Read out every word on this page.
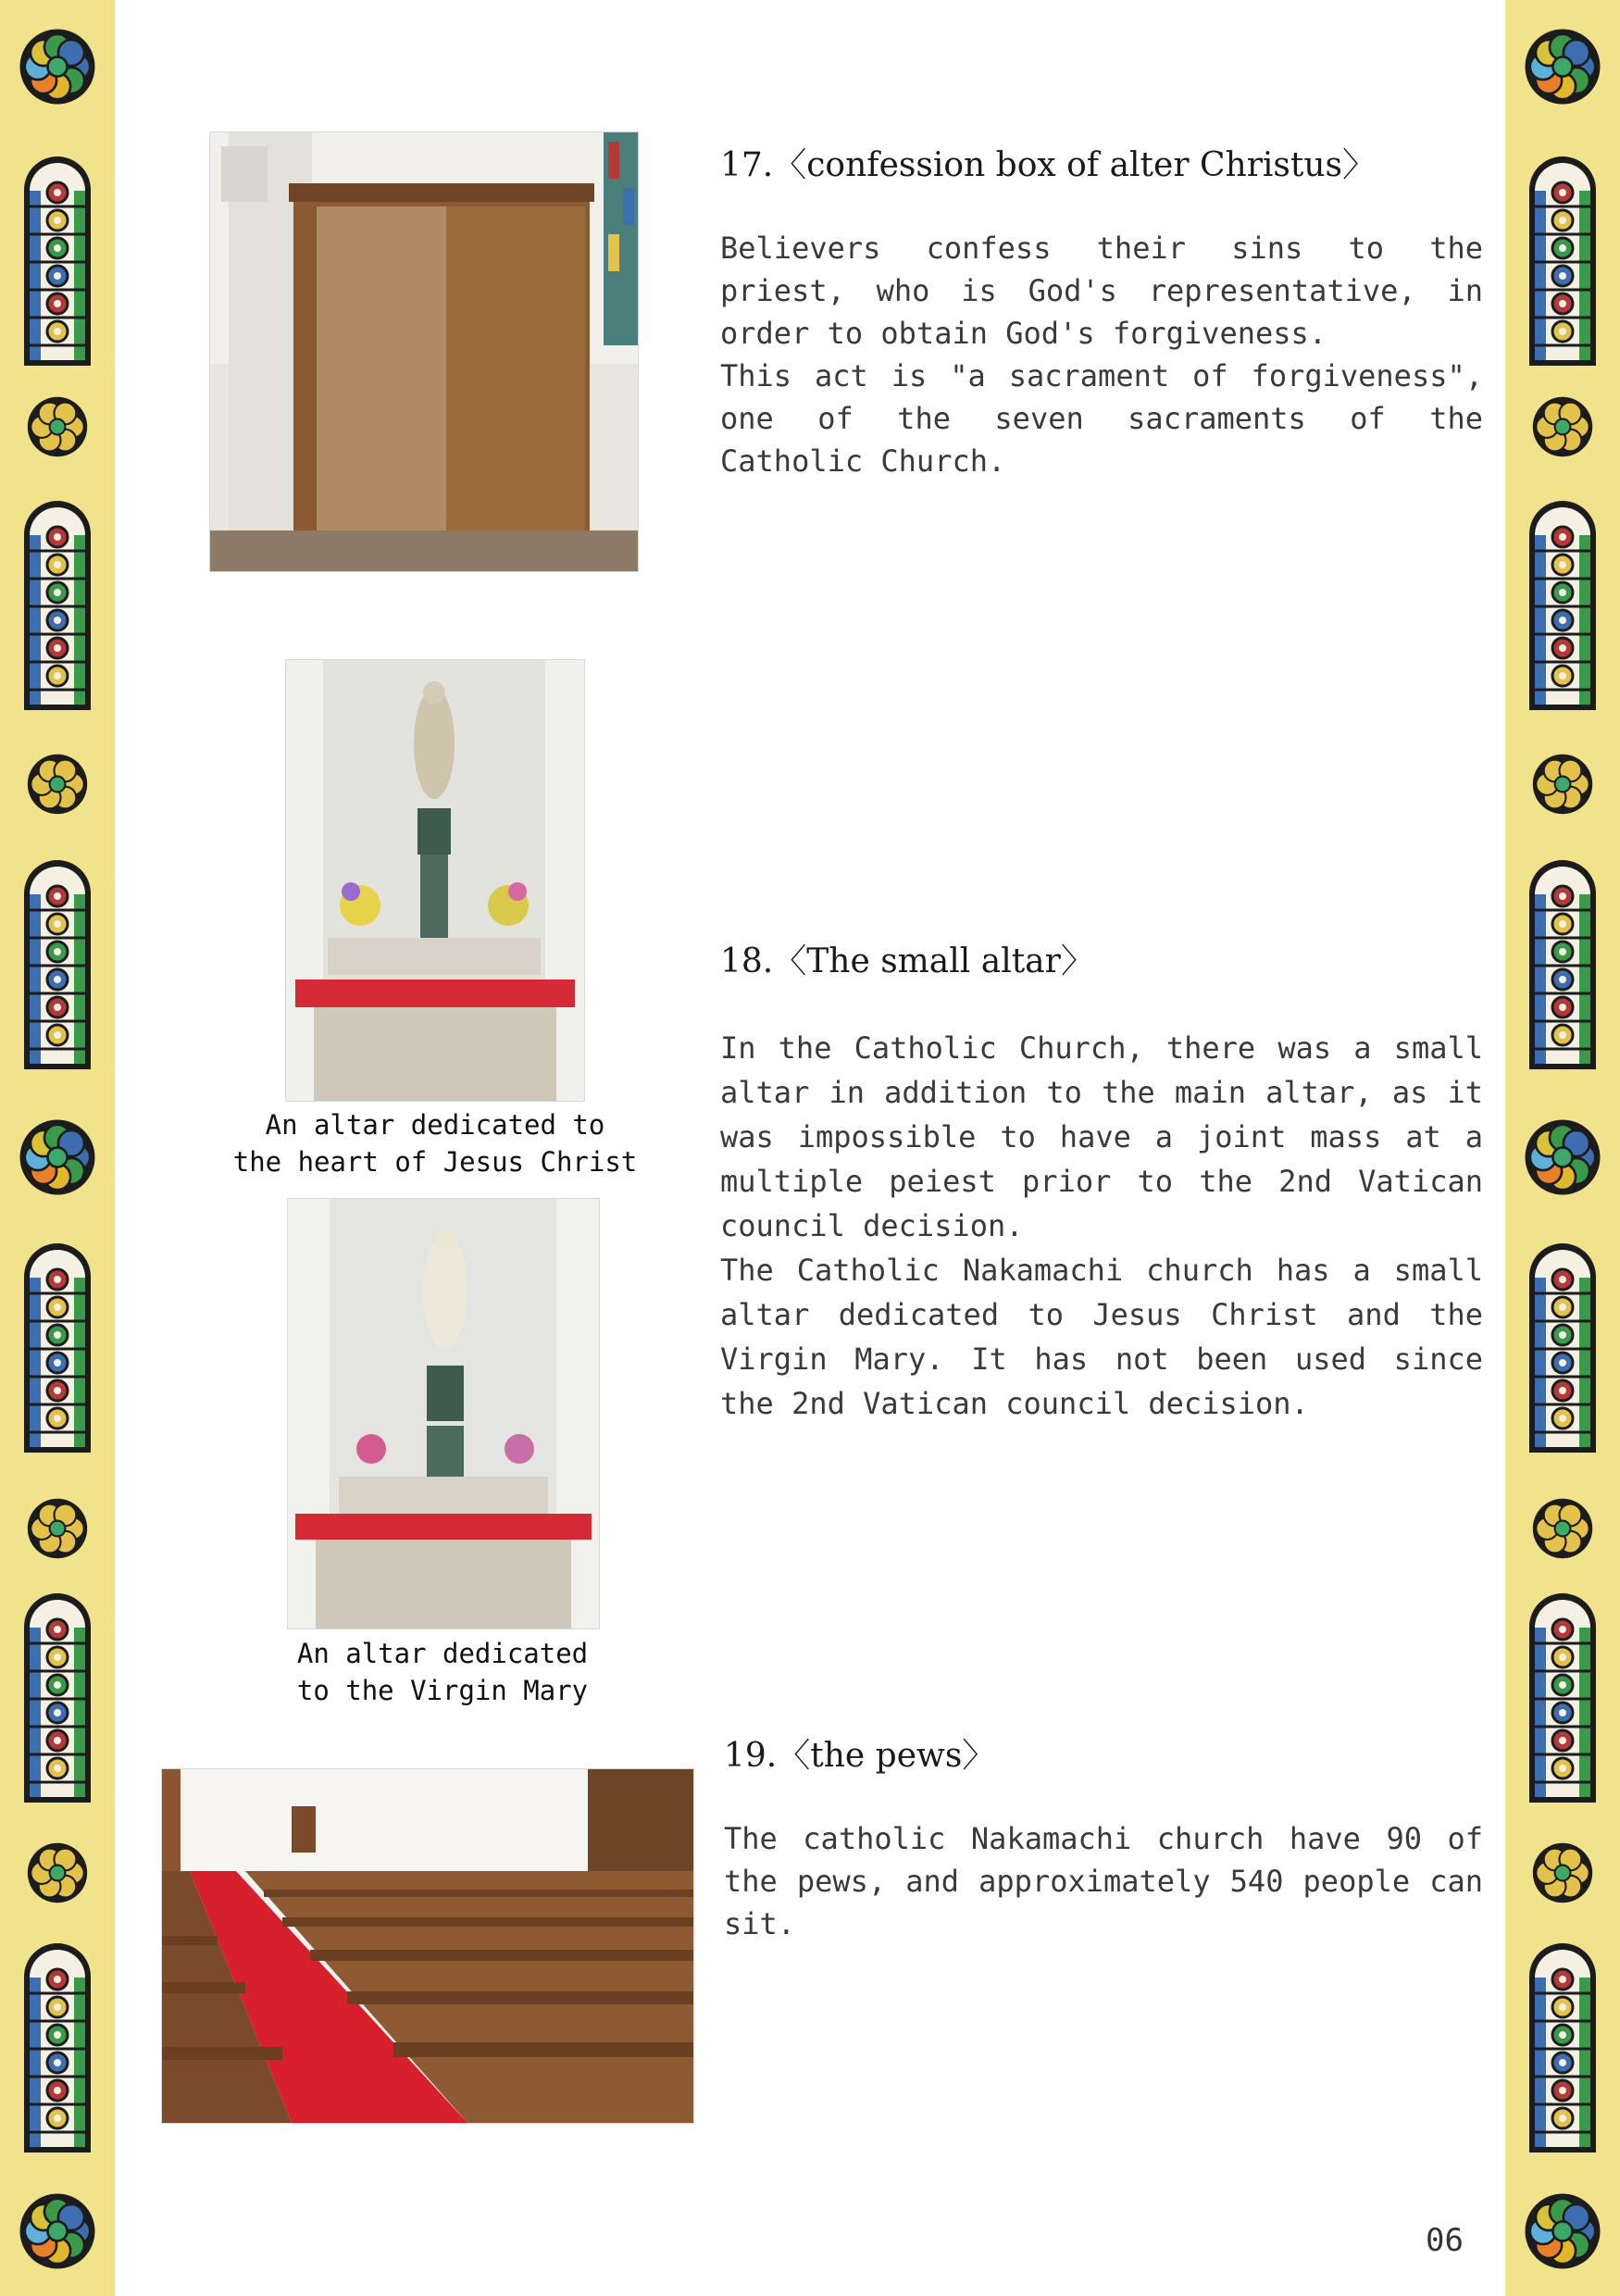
17.〈confession box of alter Christus〉

Believers confess their sins to the priest, who is God's representative, in order to obtain God's forgiveness.
This act is "a sacrament of forgiveness", one of the seven sacraments of the Catholic Church.

An altar dedicated to
the heart of Jesus Christ

An altar dedicated
to the Virgin Mary

18.〈The small altar〉

In the Catholic Church, there was a small altar in addition to the main altar, as it was impossible to have a joint mass at a multiple peiest prior to the 2nd Vatican council decision.
The Catholic Nakamachi church has a small altar dedicated to Jesus Christ and the Virgin Mary. It has not been used since the 2nd Vatican council decision.

19.〈the pews〉

The catholic Nakamachi church have 90 of the pews, and approximately 540 people can sit.

06
